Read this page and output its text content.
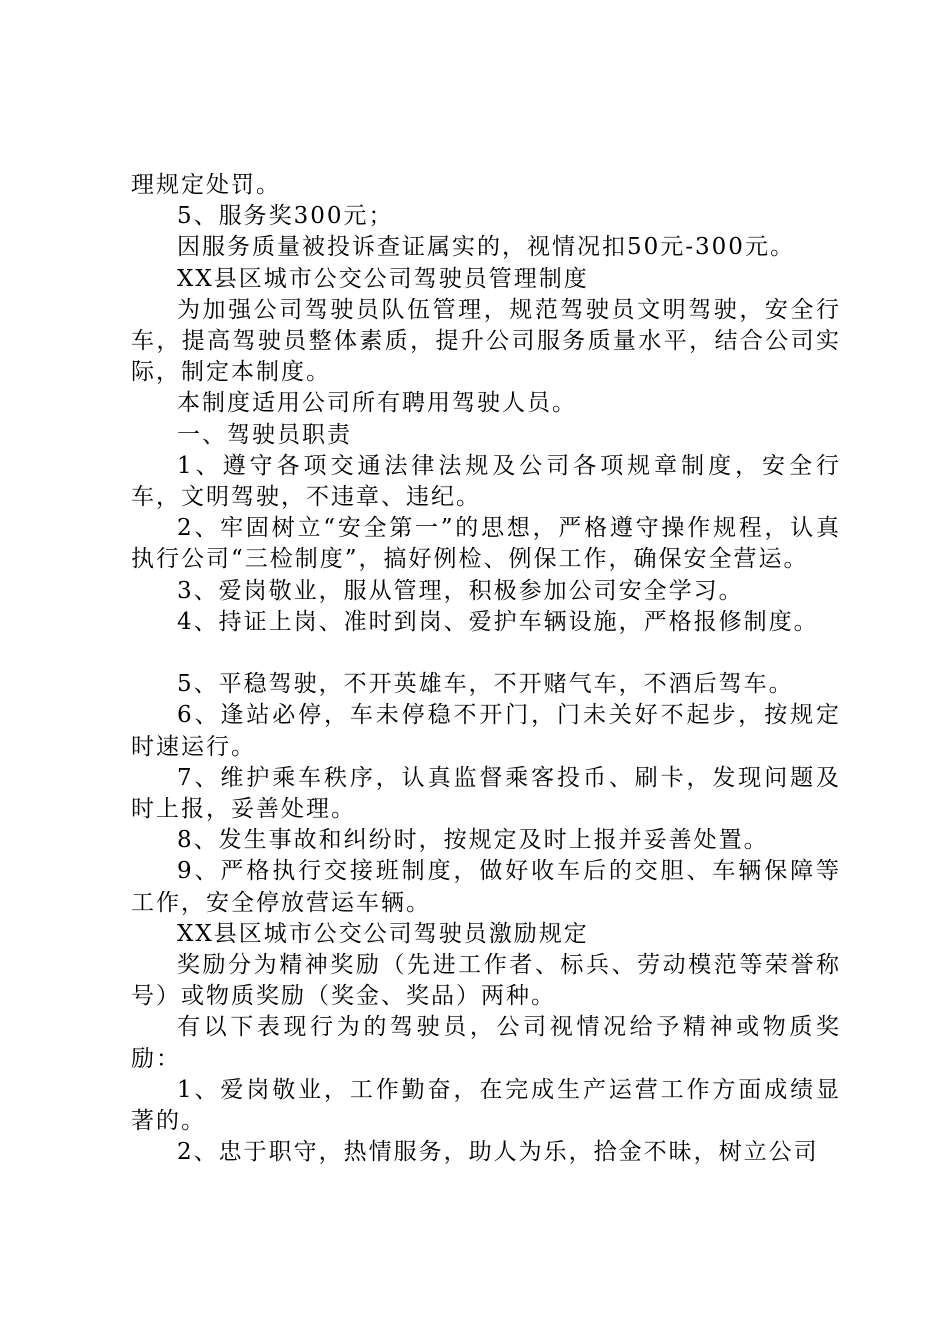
理规定处罚。

5、服务奖300元；

因服务质量被投诉查证属实的，视情况扣50元-300元。

XX县区城市公交公司驾驶员管理制度

为加强公司驾驶员队伍管理，规范驾驶员文明驾驶，安全行车，提高驾驶员整体素质，提升公司服务质量水平，结合公司实际，制定本制度。

本制度适用公司所有聘用驾驶人员。

一、驾驶员职责

1、遵守各项交通法律法规及公司各项规章制度，安全行车，文明驾驶，不违章、违纪。

2、牢固树立“安全第一”的思想，严格遵守操作规程，认真执行公司“三检制度”，搞好例检、例保工作，确保安全营运。

3、爱岗敬业，服从管理，积极参加公司安全学习。

4、持证上岗、准时到岗、爱护车辆设施，严格报修制度。

5、平稳驾驶，不开英雄车，不开赌气车，不酒后驾车。

6、逢站必停，车未停稳不开门，门未关好不起步，按规定时速运行。

7、维护乘车秩序，认真监督乘客投币、刷卡，发现问题及时上报，妥善处理。

8、发生事故和纠纷时，按规定及时上报并妥善处置。

9、严格执行交接班制度，做好收车后的交胆、车辆保障等工作，安全停放营运车辆。

XX县区城市公交公司驾驶员激励规定

奖励分为精神奖励（先进工作者、标兵、劳动模范等荣誉称号）或物质奖励（奖金、奖品）两种。

有以下表现行为的驾驶员，公司视情况给予精神或物质奖励：

1、爱岗敬业，工作勤奋，在完成生产运营工作方面成绩显著的。

2、忠于职守，热情服务，助人为乐，拾金不昧，树立公司
